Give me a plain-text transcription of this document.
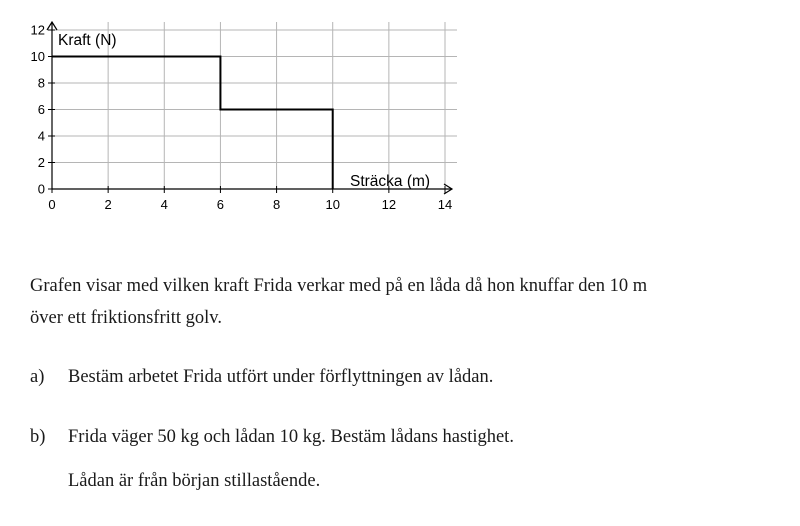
0	2	4	6	8	10	12	14
0
2
4
6
8
10
12
Kraft (N)
Sträcka (m)
Grafen visar med vilken kraft Frida verkar med på en låda då hon knuffar den 10 m
över ett friktionsfritt golv.
a) Bestäm arbetet Frida utfört under förflyttningen av lådan.
b) Frida väger 50 kg och lådan 10 kg. Bestäm lådans hastighet.
Lådan är från början stillastående.
